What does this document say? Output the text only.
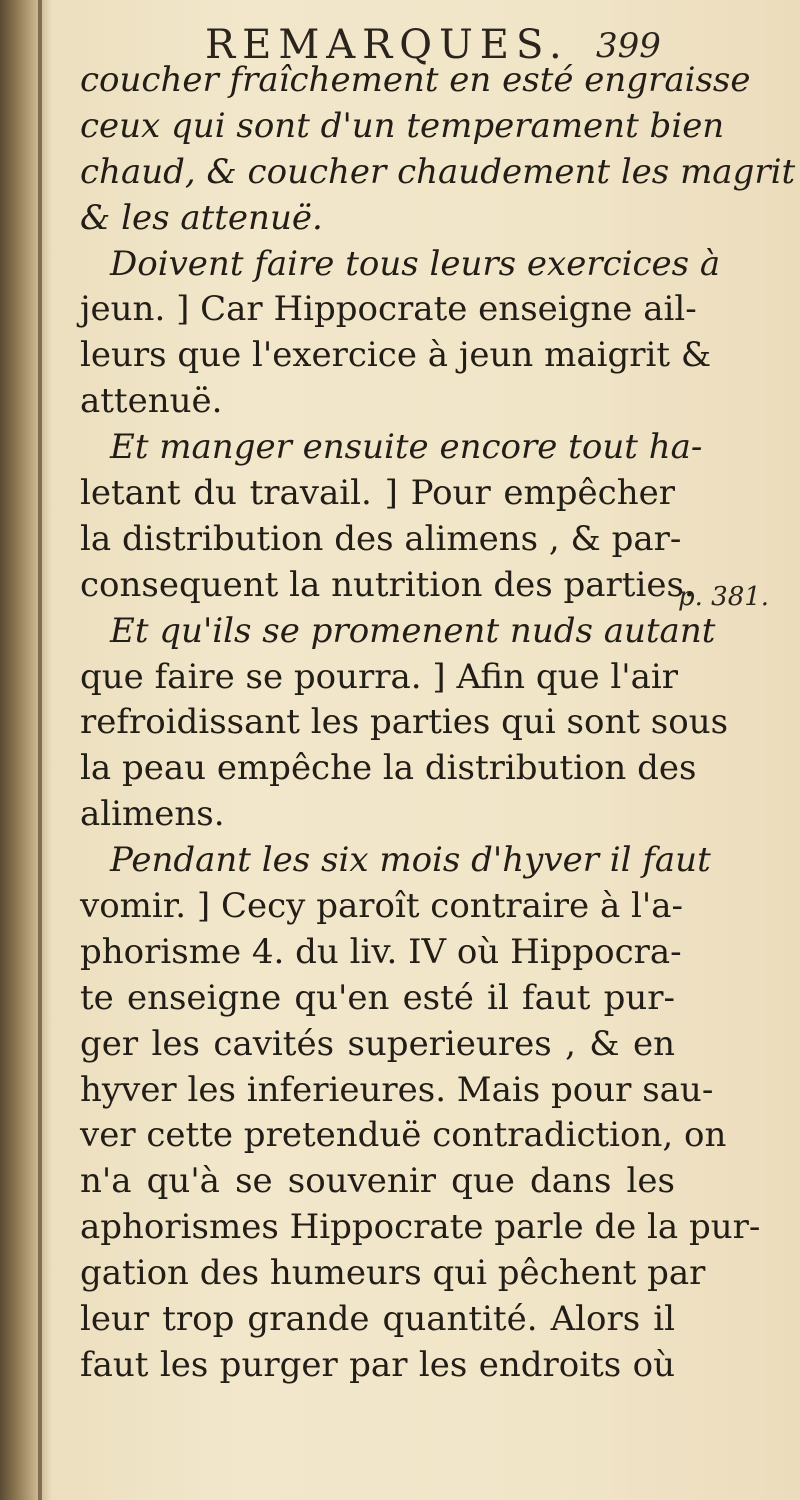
REMARQUES. 399
coucher fraîchement en esté engraisse
ceux qui sont d'un temperament bien
chaud, & coucher chaudement les magrit
& les attenuë.
Doivent faire tous leurs exercices à
jeun. ] Car Hippocrate enseigne ail-
leurs que l'exercice à jeun maigrit &
attenuë.
Et manger ensuite encore tout ha-
letant du travail. ] Pour empêcher
la distribution des alimens , & par-
consequent la nutrition des parties.
Et qu'ils se promenent nuds autant
que faire se pourra. ] Afin que l'air
refroidissant les parties qui sont sous
la peau empêche la distribution des
alimens.
Pendant les six mois d'hyver il faut
vomir. ] Cecy paroît contraire à l'a-
phorisme 4. du liv. IV où Hippocra-
te enseigne qu'en esté il faut pur-
ger les cavités superieures , & en
hyver les inferieures. Mais pour sau-
ver cette pretenduë contradiction, on
n'a qu'à se souvenir que dans les
aphorismes Hippocrate parle de la pur-
gation des humeurs qui pêchent par
leur trop grande quantité. Alors il
faut les purger par les endroits où
p. 381.
